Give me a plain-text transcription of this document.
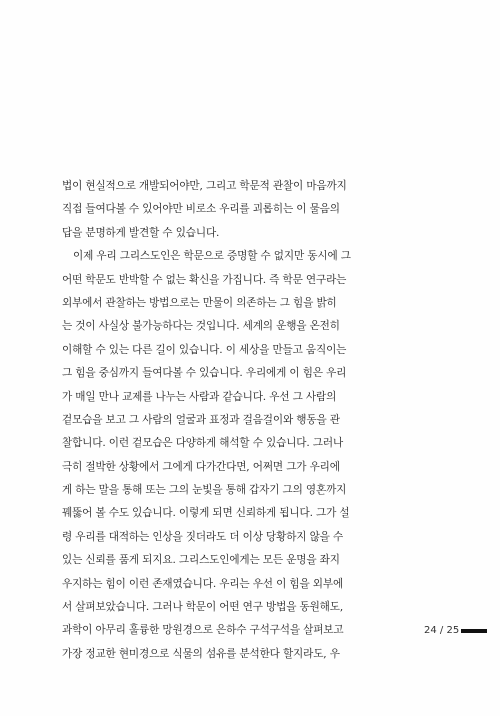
법이 현실적으로 개발되어야만, 그리고 학문적 관찰이 마음까지
직접 들여다볼 수 있어야만 비로소 우리를 괴롭히는 이 물음의
답을 분명하게 발견할 수 있습니다.
이제 우리 그리스도인은 학문으로 증명할 수 없지만 동시에 그
어떤 학문도 반박할 수 없는 확신을 가집니다. 즉 학문 연구라는
외부에서 관찰하는 방법으로는 만물이 의존하는 그 힘을 밝히
는 것이 사실상 불가능하다는 것입니다. 세계의 운행을 온전히
이해할 수 있는 다른 길이 있습니다. 이 세상을 만들고 움직이는
그 힘을 중심까지 들여다볼 수 있습니다. 우리에게 이 힘은 우리
가 매일 만나 교제를 나누는 사람과 같습니다. 우선 그 사람의
겉모습을 보고 그 사람의 얼굴과 표정과 걸음걸이와 행동을 관
찰합니다. 이런 겉모습은 다양하게 해석할 수 있습니다. 그러나
극히 절박한 상황에서 그에게 다가간다면, 어쩌면 그가 우리에
게 하는 말을 통해 또는 그의 눈빛을 통해 갑자기 그의 영혼까지
꿰뚫어 볼 수도 있습니다. 이렇게 되면 신뢰하게 됩니다. 그가 설
령 우리를 대적하는 인상을 짓더라도 더 이상 당황하지 않을 수
있는 신뢰를 품게 되지요. 그리스도인에게는 모든 운명을 좌지
우지하는 힘이 이런 존재였습니다. 우리는 우선 이 힘을 외부에
서 살펴보았습니다. 그러나 학문이 어떤 연구 방법을 동원해도,
과학이 아무리 훌륭한 망원경으로 은하수 구석구석을 살펴보고
가장 정교한 현미경으로 식물의 섬유를 분석한다 할지라도, 우
24 / 25
